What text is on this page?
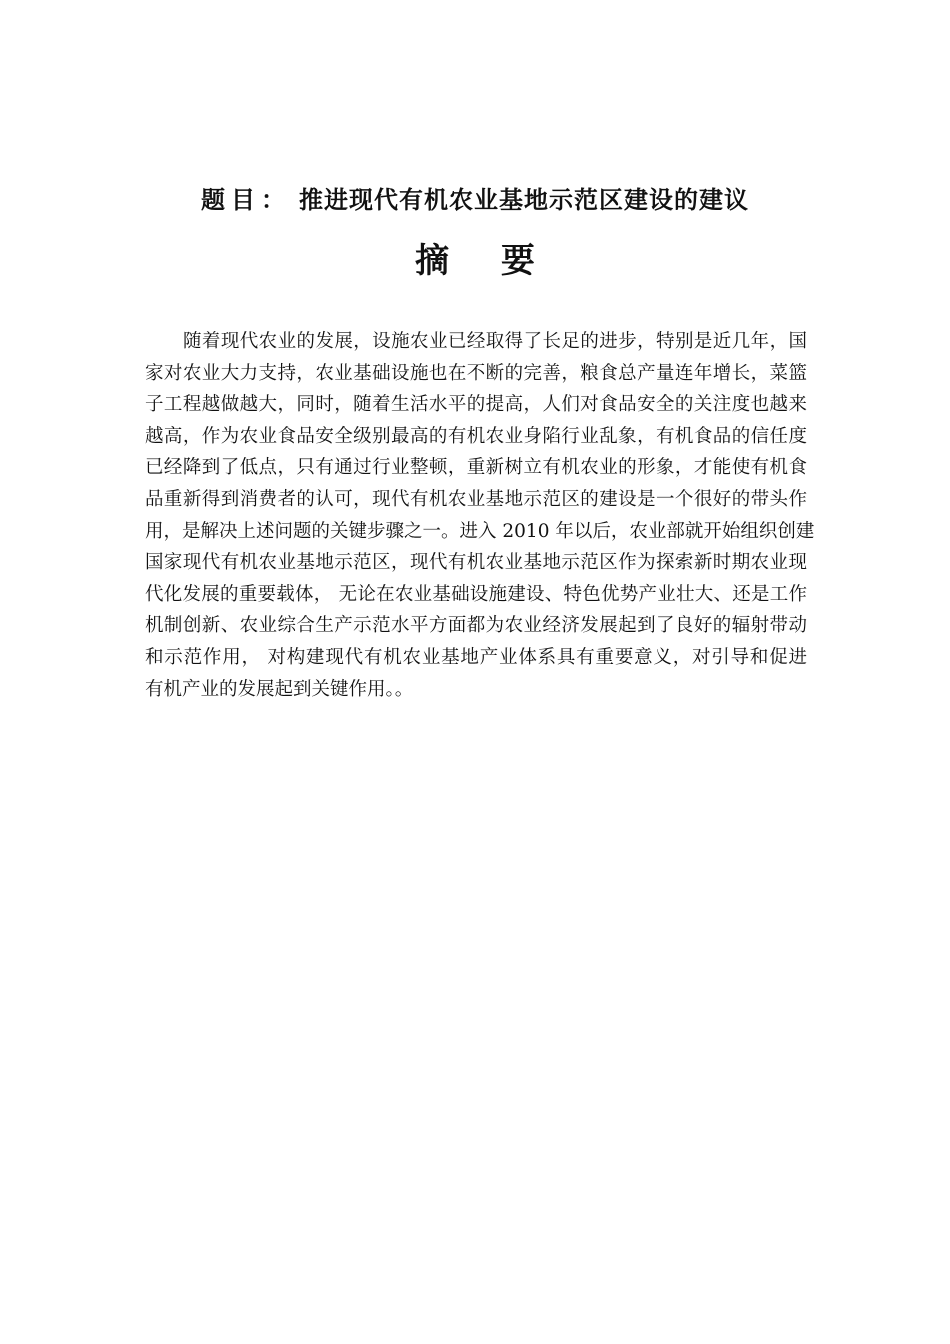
题目： 推进现代有机农业基地示范区建设的建议
摘 要
随着现代农业的发展，设施农业已经取得了长足的进步，特别是近几年，国
家对农业大力支持，农业基础设施也在不断的完善，粮食总产量连年增长，菜篮
子工程越做越大，同时，随着生活水平的提高，人们对食品安全的关注度也越来
越高，作为农业食品安全级别最高的有机农业身陷行业乱象，有机食品的信任度
已经降到了低点，只有通过行业整顿，重新树立有机农业的形象，才能使有机食
品重新得到消费者的认可，现代有机农业基地示范区的建设是一个很好的带头作
用，是解决上述问题的关键步骤之一。进入 2010 年以后，农业部就开始组织创建
国家现代有机农业基地示范区，现代有机农业基地示范区作为探索新时期农业现
代化发展的重要载体， 无论在农业基础设施建设、特色优势产业壮大、还是工作
机制创新、农业综合生产示范水平方面都为农业经济发展起到了良好的辐射带动
和示范作用， 对构建现代有机农业基地产业体系具有重要意义，对引导和促进
有机产业的发展起到关键作用。。
